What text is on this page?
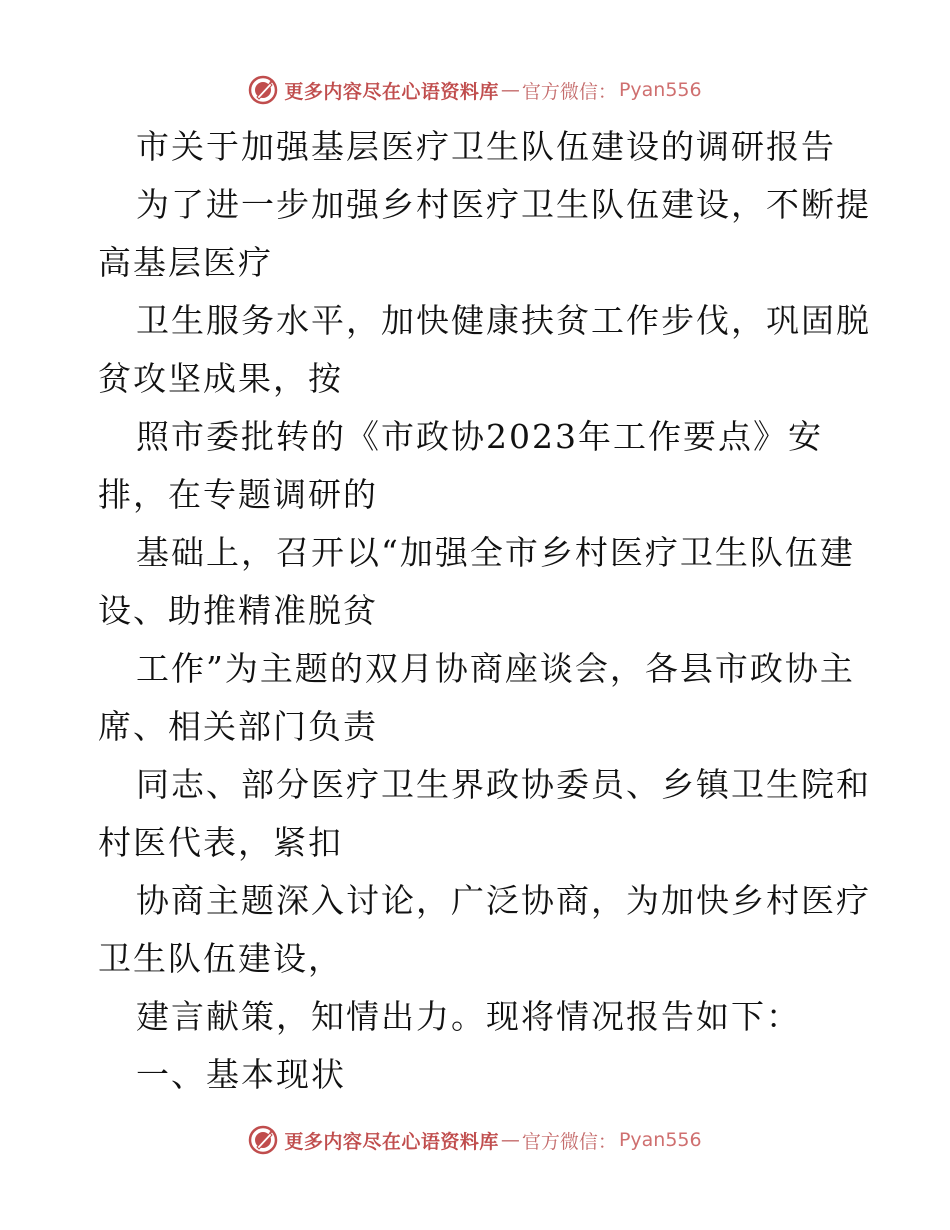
更多内容尽在心语资料库 — 官方微信： Pyan556
市关于加强基层医疗卫生队伍建设的调研报告
为了进一步加强乡村医疗卫生队伍建设，不断提
高基层医疗
卫生服务水平，加快健康扶贫工作步伐，巩固脱
贫攻坚成果，按
照市委批转的《市政协2023年工作要点》安
排，在专题调研的
基础上，召开以“加强全市乡村医疗卫生队伍建
设、助推精准脱贫
工作”为主题的双月协商座谈会，各县市政协主
席、相关部门负责
同志、部分医疗卫生界政协委员、乡镇卫生院和
村医代表，紧扣
协商主题深入讨论，广泛协商，为加快乡村医疗
卫生队伍建设，
建言献策，知情出力。现将情况报告如下：
一、基本现状
更多内容尽在心语资料库 — 官方微信： Pyan556
